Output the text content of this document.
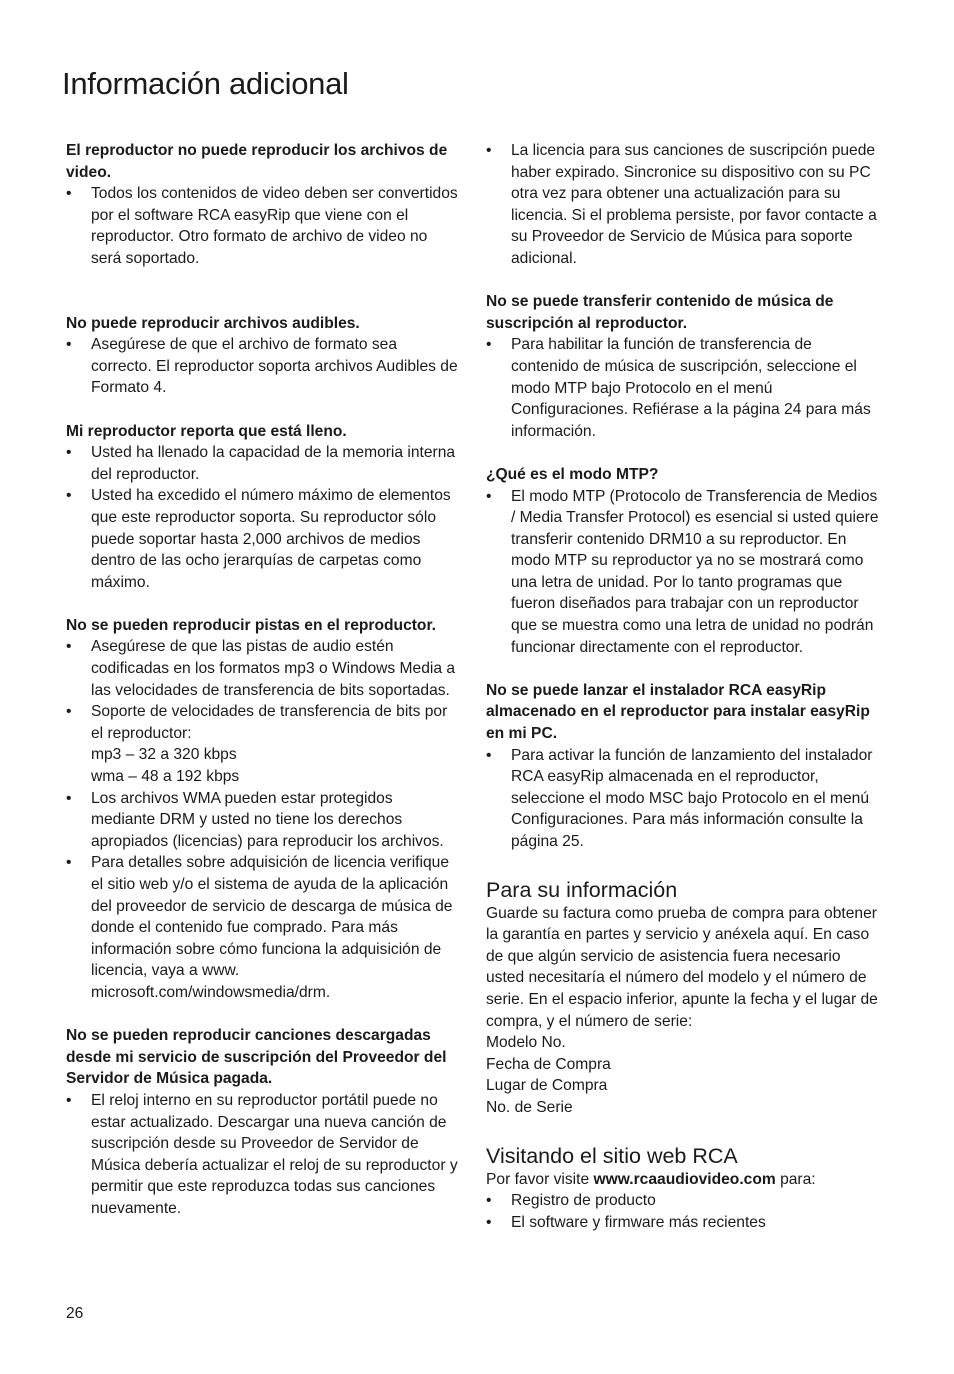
Información adicional

El reproductor no puede reproducir los archivos de video.

• Todos los contenidos de video deben ser convertidos por el software RCA easyRip que viene con el reproductor. Otro formato de archivo de video no será soportado.

No puede reproducir archivos audibles.

• Asegúrese de que el archivo de formato sea correcto. El reproductor soporta archivos Audibles de Formato 4.

Mi reproductor reporta que está lleno.

• Usted ha llenado la capacidad de la memoria interna del reproductor.
• Usted ha excedido el número máximo de elementos que este reproductor soporta. Su reproductor sólo puede soportar hasta 2,000 archivos de medios dentro de las ocho jerarquías de carpetas como máximo.

No se pueden reproducir pistas en el reproductor.

• Asegúrese de que las pistas de audio estén codificadas en los formatos mp3 o Windows Media a las velocidades de transferencia de bits soportadas.
• Soporte de velocidades de transferencia de bits por el reproductor:
mp3 – 32 a 320 kbps
wma – 48 a 192 kbps
• Los archivos WMA pueden estar protegidos mediante DRM y usted no tiene los derechos apropiados (licencias) para reproducir los archivos.
• Para detalles sobre adquisición de licencia verifique el sitio web y/o el sistema de ayuda de la aplicación del proveedor de servicio de descarga de música de donde el contenido fue comprado. Para más información sobre cómo funciona la adquisición de licencia, vaya a www. microsoft.com/windowsmedia/drm.

No se pueden reproducir canciones descargadas desde mi servicio de suscripción del Proveedor del Servidor de Música pagada.

• El reloj interno en su reproductor portátil puede no estar actualizado. Descargar una nueva canción de suscripción desde su Proveedor de Servidor de Música debería actualizar el reloj de su reproductor y permitir que este reproduzca todas sus canciones nuevamente.
• La licencia para sus canciones de suscripción puede haber expirado. Sincronice su dispositivo con su PC otra vez para obtener una actualización para su licencia. Si el problema persiste, por favor contacte a su Proveedor de Servicio de Música para soporte adicional.

No se puede transferir contenido de música de suscripción al reproductor.

• Para habilitar la función de transferencia de contenido de música de suscripción, seleccione el modo MTP bajo Protocolo en el menú Configuraciones. Refiérase a la página 24 para más información.

¿Qué es el modo MTP?

• El modo MTP (Protocolo de Transferencia de Medios / Media Transfer Protocol) es esencial si usted quiere transferir contenido DRM10 a su reproductor. En modo MTP su reproductor ya no se mostrará como una letra de unidad. Por lo tanto programas que fueron diseñados para trabajar con un reproductor que se muestra como una letra de unidad no podrán funcionar directamente con el reproductor.

No se puede lanzar el instalador RCA easyRip almacenado en el reproductor para instalar easyRip en mi PC.

• Para activar la función de lanzamiento del instalador RCA easyRip almacenada en el reproductor, seleccione el modo MSC bajo Protocolo en el menú Configuraciones. Para más información consulte la página 25.
Para su información

Guarde su factura como prueba de compra para obtener la garantía en partes y servicio y anéxela aquí. En caso de que algún servicio de asistencia fuera necesario usted necesitaría el número del modelo y el número de serie. En el espacio inferior, apunte la fecha y el lugar de compra, y el número de serie:

Modelo No.

Fecha de Compra

Lugar de Compra

No. de Serie

Visitando el sitio web RCA

Por favor visite www.rcaaudiovideo.com para:

• Registro de producto
• El software y firmware más recientes
26
